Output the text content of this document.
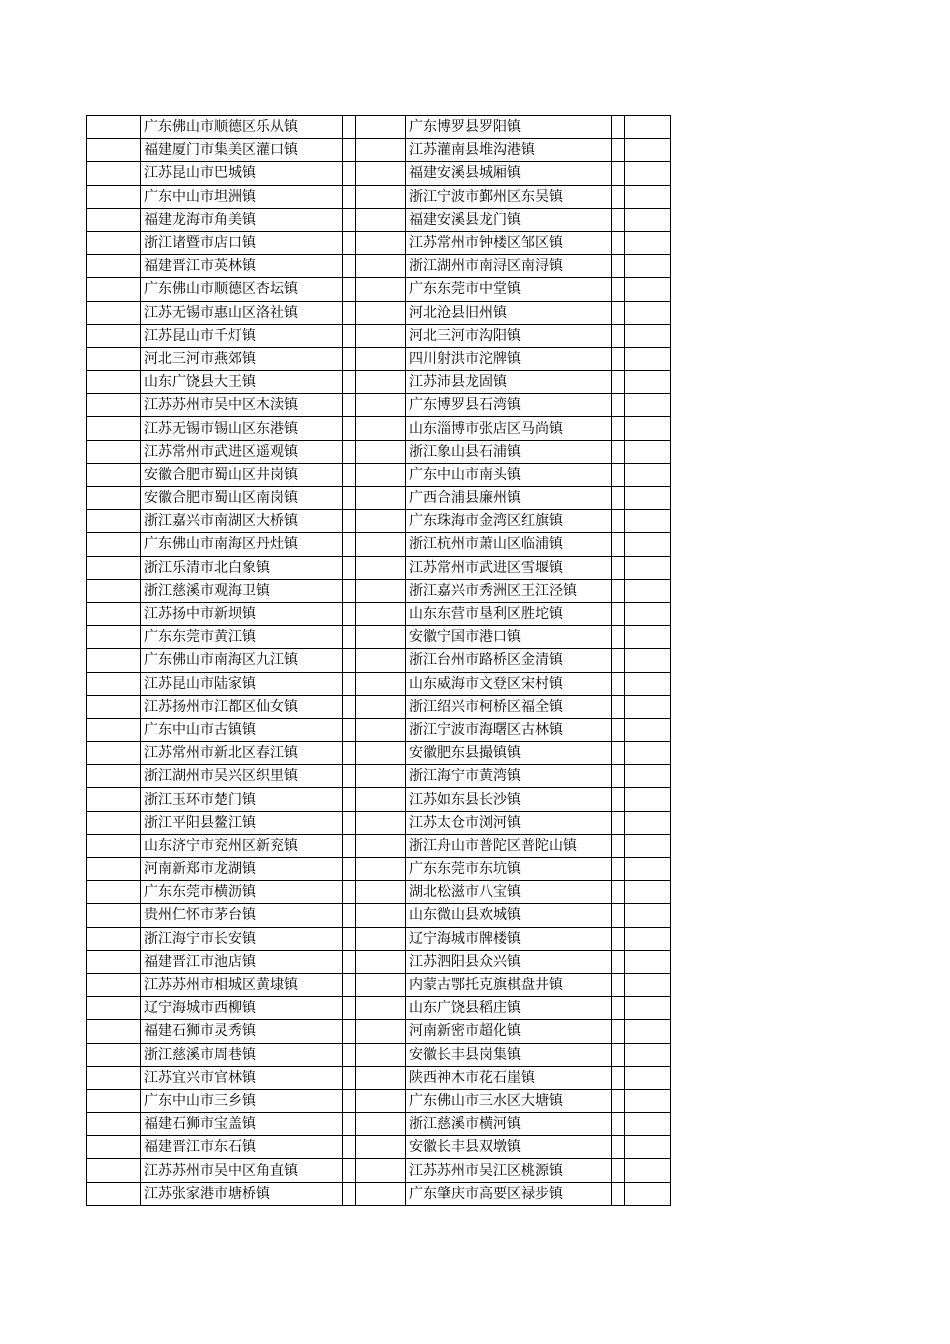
	广东佛山市顺德区乐从镇			广东博罗县罗阳镇		
	福建厦门市集美区灌口镇			江苏灌南县堆沟港镇		
	江苏昆山市巴城镇			福建安溪县城厢镇		
	广东中山市坦洲镇			浙江宁波市鄞州区东吴镇		
	福建龙海市角美镇			福建安溪县龙门镇		
	浙江诸暨市店口镇			江苏常州市钟楼区邹区镇		
	福建晋江市英林镇			浙江湖州市南浔区南浔镇		
	广东佛山市顺德区杏坛镇			广东东莞市中堂镇		
	江苏无锡市惠山区洛社镇			河北沧县旧州镇		
	江苏昆山市千灯镇			河北三河市沟阳镇		
	河北三河市燕郊镇			四川射洪市沱牌镇		
	山东广饶县大王镇			江苏沛县龙固镇		
	江苏苏州市吴中区木渎镇			广东博罗县石湾镇		
	江苏无锡市锡山区东港镇			山东淄博市张店区马尚镇		
	江苏常州市武进区遥观镇			浙江象山县石浦镇		
	安徽合肥市蜀山区井岗镇			广东中山市南头镇		
	安徽合肥市蜀山区南岗镇			广西合浦县廉州镇		
	浙江嘉兴市南湖区大桥镇			广东珠海市金湾区红旗镇		
	广东佛山市南海区丹灶镇			浙江杭州市萧山区临浦镇		
	浙江乐清市北白象镇			江苏常州市武进区雪堰镇		
	浙江慈溪市观海卫镇			浙江嘉兴市秀洲区王江泾镇		
	江苏扬中市新坝镇			山东东营市垦利区胜坨镇		
	广东东莞市黄江镇			安徽宁国市港口镇		
	广东佛山市南海区九江镇			浙江台州市路桥区金清镇		
	江苏昆山市陆家镇			山东威海市文登区宋村镇		
	江苏扬州市江都区仙女镇			浙江绍兴市柯桥区福全镇		
	广东中山市古镇镇			浙江宁波市海曙区古林镇		
	江苏常州市新北区春江镇			安徽肥东县撮镇镇		
	浙江湖州市吴兴区织里镇			浙江海宁市黄湾镇		
	浙江玉环市楚门镇			江苏如东县长沙镇		
	浙江平阳县鳌江镇			江苏太仓市浏河镇		
	山东济宁市兖州区新兖镇			浙江舟山市普陀区普陀山镇		
	河南新郑市龙湖镇			广东东莞市东坑镇		
	广东东莞市横沥镇			湖北松滋市八宝镇		
	贵州仁怀市茅台镇			山东微山县欢城镇		
	浙江海宁市长安镇			辽宁海城市牌楼镇		
	福建晋江市池店镇			江苏泗阳县众兴镇		
	江苏苏州市相城区黄埭镇			内蒙古鄂托克旗棋盘井镇		
	辽宁海城市西柳镇			山东广饶县稻庄镇		
	福建石狮市灵秀镇			河南新密市超化镇		
	浙江慈溪市周巷镇			安徽长丰县岗集镇		
	江苏宜兴市官林镇			陕西神木市花石崖镇		
	广东中山市三乡镇			广东佛山市三水区大塘镇		
	福建石狮市宝盖镇			浙江慈溪市横河镇		
	福建晋江市东石镇			安徽长丰县双墩镇		
	江苏苏州市吴中区角直镇			江苏苏州市吴江区桃源镇		
	江苏张家港市塘桥镇			广东肇庆市高要区禄步镇		
